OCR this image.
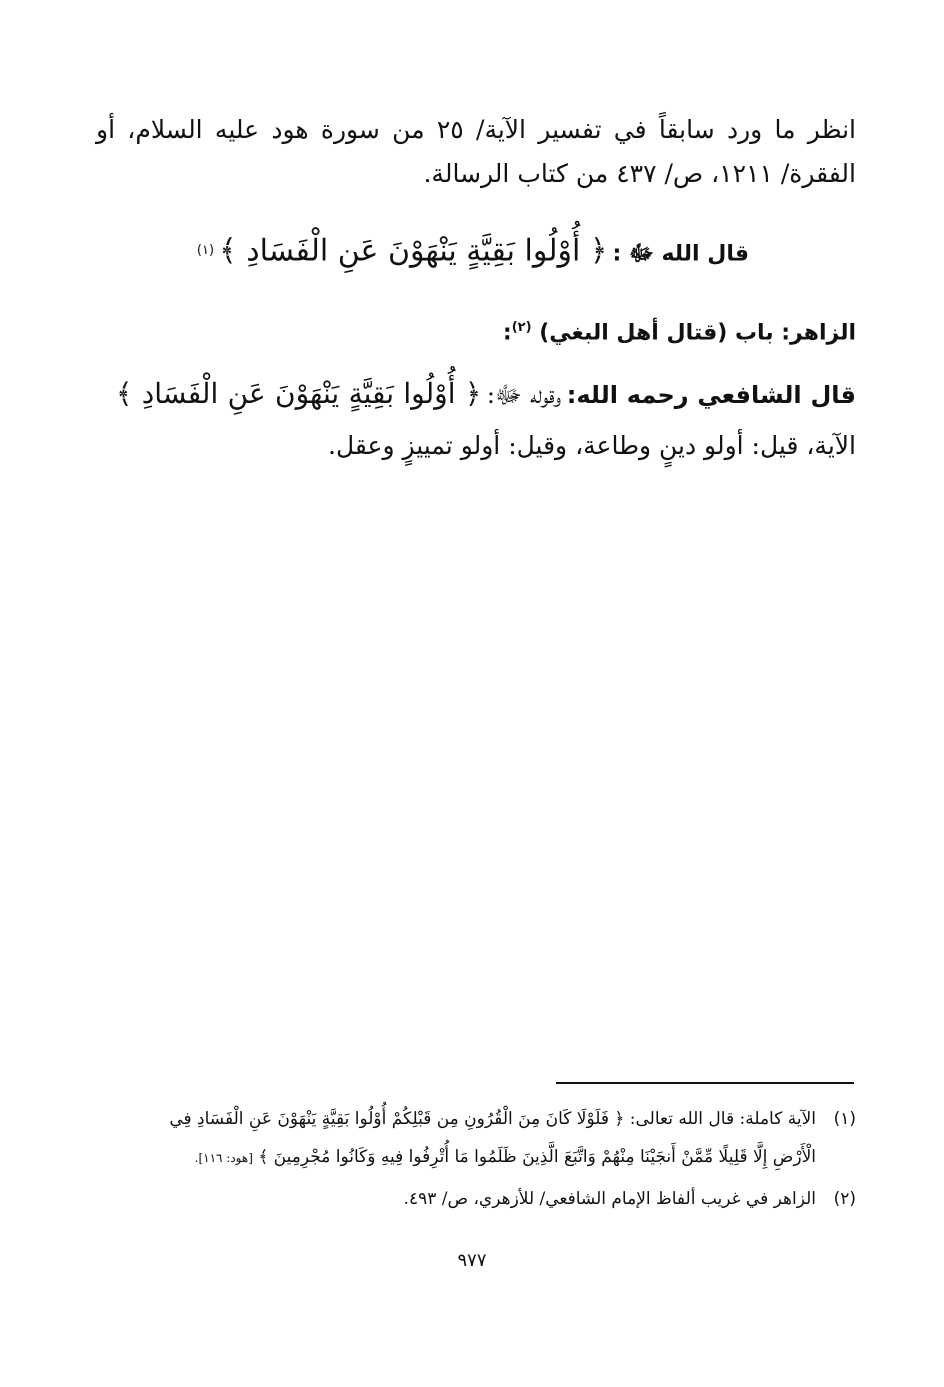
انظر ما ورد سابقاً في تفسير الآية/ ٢٥ من سورة هود عليه السلام، أو
الفقرة/ ١٢١١، ص/ ٤٣٧ من كتاب الرسالة.
قال الله ﷻ : ﴿ أُوْلُوا بَقِيَّةٍ يَنْهَوْنَ عَنِ الْفَسَادِ ﴾ $^{(١)}$
الزاهر: باب (قتال أهل البغي) $^{(٢)}$:
قال الشافعي رحمه الله: وقوله ﷻ: ﴿ أُوْلُوا بَقِيَّةٍ يَنْهَوْنَ عَنِ الْفَسَادِ ﴾
الآية، قيل: أولو دينٍ وطاعة، وقيل: أولو تمييزٍ وعقل.
(١)الآية كاملة: قال الله تعالى: ﴿ فَلَوْلَا كَانَ مِنَ الْقُرُونِ مِن قَبْلِكُمْ أُوْلُوا بَقِيَّةٍ يَنْهَوْنَ عَنِ الْفَسَادِ فِي
الْأَرْضِ إِلَّا قَلِيلًا مِّمَّنْ أَنجَيْنَا مِنْهُمْ وَاتَّبَعَ الَّذِينَ ظَلَمُوا مَا أُتْرِفُوا فِيهِ وَكَانُوا مُجْرِمِينَ ﴾ [هود: ١١٦].
(٢)الزاهر في غريب ألفاظ الإمام الشافعي/ للأزهري، ص/ ٤٩٣.
٩٧٧
